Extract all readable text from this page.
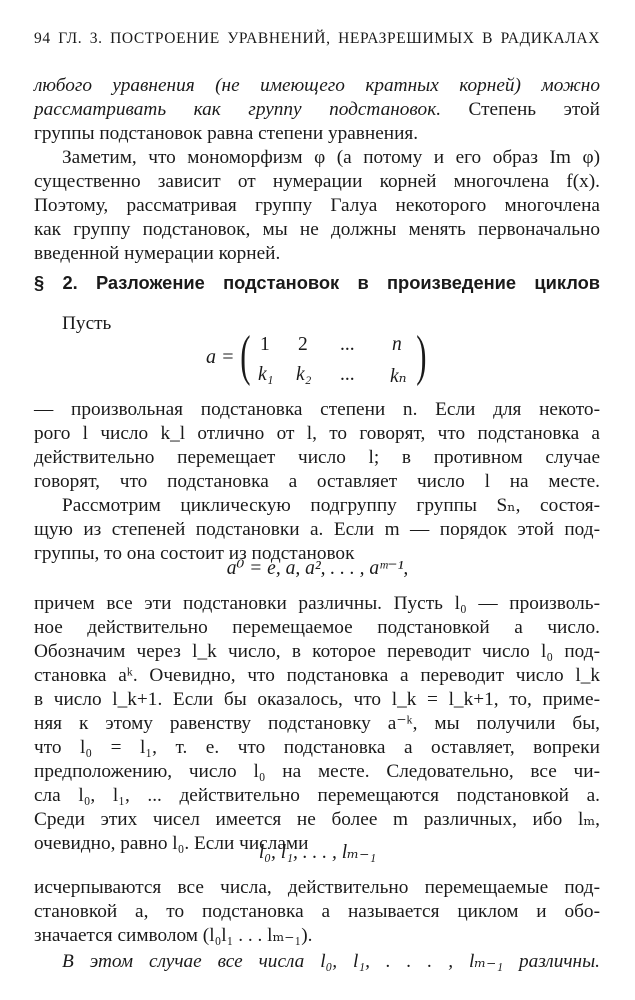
94 ГЛ. 3. ПОСТРОЕНИЕ УРАВНЕНИЙ, НЕРАЗРЕШИМЫХ В РАДИКАЛАХ
любого уравнения (не имеющего кратных корней) можно
рассматривать как группу подстановок. Степень этой
группы подстановок равна степени уравнения.
Заметим, что мономорфизм φ (а потому и его образ Im φ)
существенно зависит от нумерации корней многочлена f(x).
Поэтому, рассматривая группу Галуа некоторого многочлена
как группу подстановок, мы не должны менять первоначально
введенной нумерации корней.
§ 2. Разложение подстановок в произведение циклов
Пусть
a = ( 1 2 ... n
k₁ k₂ ... kₙ )
— произвольная подстановка степени n. Если для некото-
рого l число k_l отлично от l, то говорят, что подстановка a
действительно перемещает число l; в противном случае
говорят, что подстановка a оставляет число l на месте.
Рассмотрим циклическую подгруппу группы Sₙ, состоя-
щую из степеней подстановки a. Если m — порядок этой под-
группы, то она состоит из подстановок
a⁰ = e, a, a², . . . , aᵐ⁻¹,
причем все эти подстановки различны. Пусть l₀ — произволь-
ное действительно перемещаемое подстановкой a число.
Обозначим через l_k число, в которое переводит число l₀ под-
становка aᵏ. Очевидно, что подстановка a переводит число l_k
в число l_k+1. Если бы оказалось, что l_k = l_k+1, то, приме-
няя к этому равенству подстановку a⁻ᵏ, мы получили бы,
что l₀ = l₁, т. е. что подстановка a оставляет, вопреки
предположению, число l₀ на месте. Следовательно, все чи-
сла l₀, l₁, ... действительно перемещаются подстановкой a.
Среди этих чисел имеется не более m различных, ибо lₘ,
очевидно, равно l₀. Если числами
l₀, l₁, . . . , lₘ₋₁
исчерпываются все числа, действительно перемещаемые под-
становкой a, то подстановка a называется циклом и обо-
значается символом (l₀l₁ . . . lₘ₋₁).
В этом случае все числа l₀, l₁, . . . , lₘ₋₁ различны.
